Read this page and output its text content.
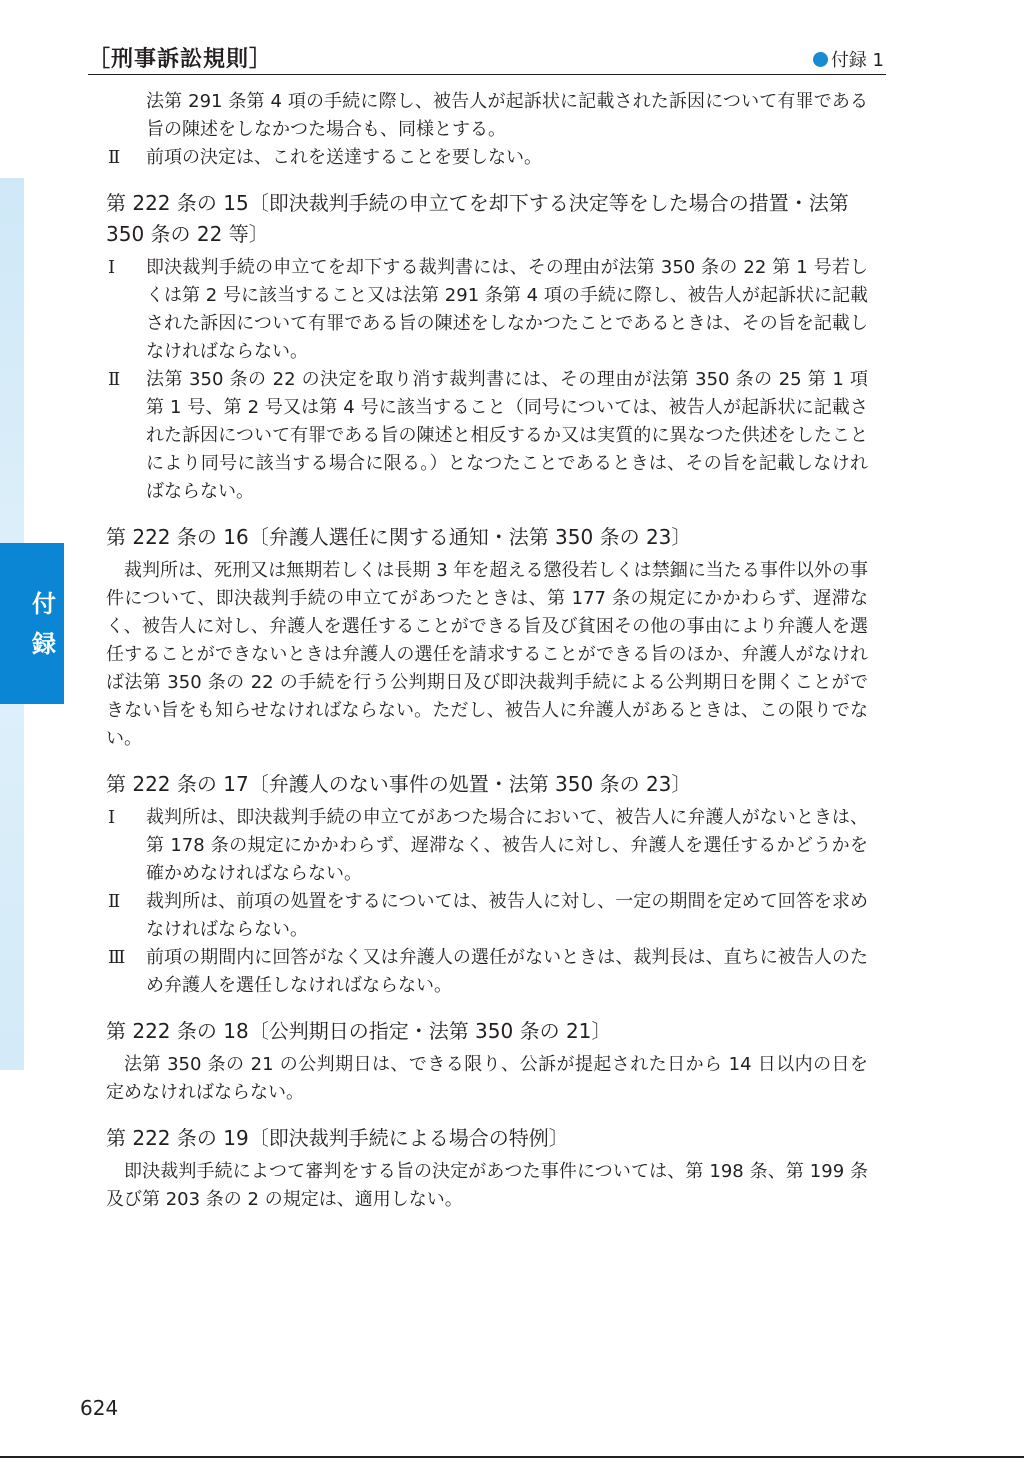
［刑事訴訟規則］	付録 1
付
録
法第 291 条第 4 項の手続に際し、被告人が起訴状に記載された訴因について有罪である旨の陳述をしなかつた場合も、同様とする。
Ⅱ	前項の決定は、これを送達することを要しない。
第 222 条の 15〔即決裁判手続の申立てを却下する決定等をした場合の措置・法第 350 条の 22 等〕
Ⅰ	即決裁判手続の申立てを却下する裁判書には、その理由が法第 350 条の 22 第 1 号若しくは第 2 号に該当すること又は法第 291 条第 4 項の手続に際し、被告人が起訴状に記載された訴因について有罪である旨の陳述をしなかつたことであるときは、その旨を記載しなければならない。
Ⅱ	法第 350 条の 22 の決定を取り消す裁判書には、その理由が法第 350 条の 25 第 1 項第 1 号、第 2 号又は第 4 号に該当すること（同号については、被告人が起訴状に記載された訴因について有罪である旨の陳述と相反するか又は実質的に異なつた供述をしたことにより同号に該当する場合に限る。）となつたことであるときは、その旨を記載しなければならない。
第 222 条の 16〔弁護人選任に関する通知・法第 350 条の 23〕

裁判所は、死刑又は無期若しくは長期 3 年を超える懲役若しくは禁錮に当たる事件以外の事件について、即決裁判手続の申立てがあつたときは、第 177 条の規定にかかわらず、遅滞なく、被告人に対し、弁護人を選任することができる旨及び貧困その他の事由により弁護人を選任することができないときは弁護人の選任を請求することができる旨のほか、弁護人がなければ法第 350 条の 22 の手続を行う公判期日及び即決裁判手続による公判期日を開くことができない旨をも知らせなければならない。ただし、被告人に弁護人があるときは、この限りでない。

第 222 条の 17〔弁護人のない事件の処置・法第 350 条の 23〕
Ⅰ	裁判所は、即決裁判手続の申立てがあつた場合において、被告人に弁護人がないときは、第 178 条の規定にかかわらず、遅滞なく、被告人に対し、弁護人を選任するかどうかを確かめなければならない。
Ⅱ	裁判所は、前項の処置をするについては、被告人に対し、一定の期間を定めて回答を求めなければならない。
Ⅲ	前項の期間内に回答がなく又は弁護人の選任がないときは、裁判長は、直ちに被告人のため弁護人を選任しなければならない。
第 222 条の 18〔公判期日の指定・法第 350 条の 21〕

法第 350 条の 21 の公判期日は、できる限り、公訴が提起された日から 14 日以内の日を定めなければならない。

第 222 条の 19〔即決裁判手続による場合の特例〕

即決裁判手続によつて審判をする旨の決定があつた事件については、第 198 条、第 199 条及び第 203 条の 2 の規定は、適用しない。

624
